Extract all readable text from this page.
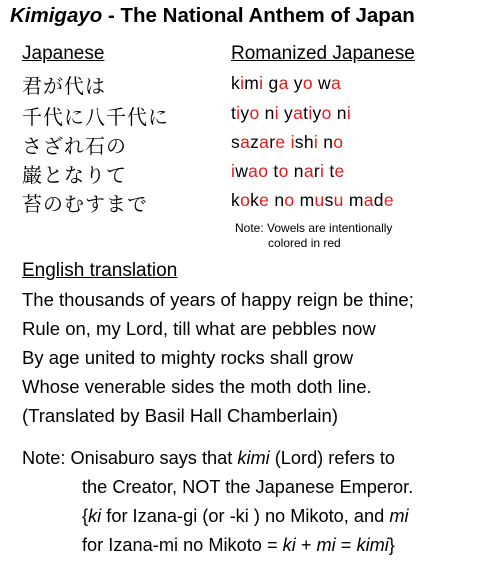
Kimigayo - The National Anthem of Japan
Japanese
君が代は
千代に八千代に
さざれ石の
巌となりて
苔のむすまで
Romanized Japanese
kimi ga yo wa
tiyo ni yatiyo ni
sazare ishi no
iwao to nari te
koke no musu made
Note: Vowels are intentionally
colored in red
English translation
The thousands of years of happy reign be thine;
Rule on, my Lord, till what are pebbles now
By age united to mighty rocks shall grow
Whose venerable sides the moth doth line.
(Translated by Basil Hall Chamberlain)
Note: Onisaburo says that kimi (Lord) refers to
the Creator, NOT the Japanese Emperor.
{ki for Izana-gi (or -ki ) no Mikoto, and mi
for Izana-mi no Mikoto = ki + mi = kimi}
